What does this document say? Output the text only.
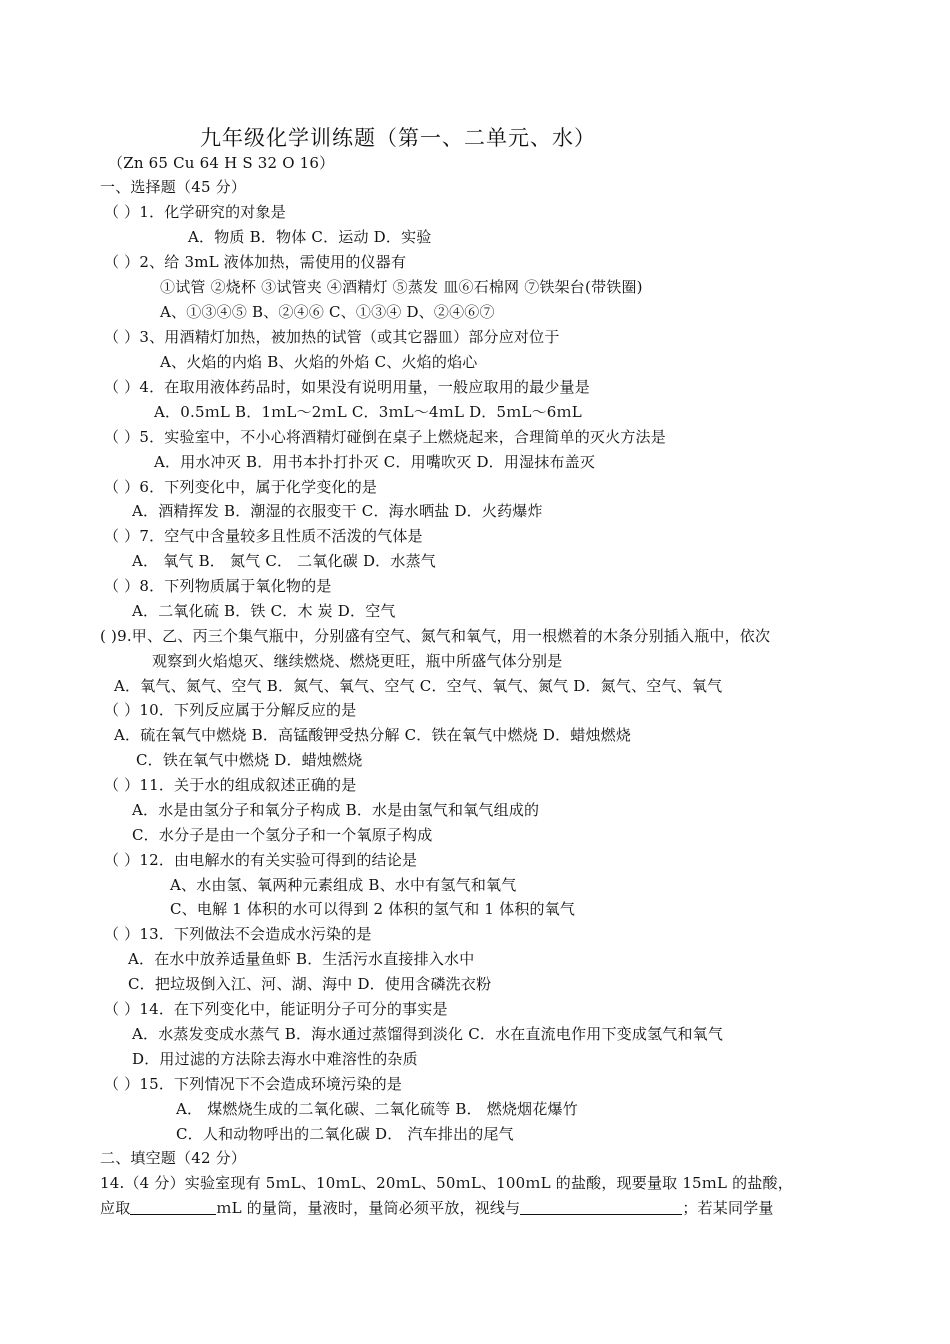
九年级化学训练题（第一、二单元、水）
（Zn 65 Cu 64 H S 32 O 16）
一、选择题（45 分）
（ ）1．化学研究的对象是
A．物质 B．物体 C．运动 D．实验
（ ）2、给 3mL 液体加热，需使用的仪器有
①试管 ②烧杯 ③试管夹 ④酒精灯 ⑤蒸发 皿⑥石棉网 ⑦铁架台(带铁圈)
A、①③④⑤ B、②④⑥ C、①③④ D、②④⑥⑦
（ ）3、用酒精灯加热，被加热的试管（或其它器皿）部分应对位于
A、火焰的内焰 B、火焰的外焰 C、火焰的焰心
（ ）4．在取用液体药品时，如果没有说明用量，一般应取用的最少量是
A．0.5ｍL B．1ｍL～2ｍL C．3ｍL～4ｍL D．5ｍL～6ｍL
（ ）5．实验室中，不小心将酒精灯碰倒在桌子上燃烧起来，合理简单的灭火方法是
A．用水冲灭 B．用书本扑打扑灭 C．用嘴吹灭 D．用湿抹布盖灭
（ ）6．下列变化中，属于化学变化的是
A．酒精挥发 B．潮湿的衣服变干 C．海水晒盐 D．火药爆炸
（ ）7．空气中含量较多且性质不活泼的气体是
A． 氧气 B． 氮气 C． 二氧化碳 D．水蒸气
（ ）8．下列物质属于氧化物的是
A．二氧化硫 B．铁 C．木 炭 D．空气
( )9.甲、乙、丙三个集气瓶中，分别盛有空气、氮气和氧气，用一根燃着的木条分别插入瓶中，依次
观察到火焰熄灭、继续燃烧、燃烧更旺，瓶中所盛气体分别是
A．氧气、氮气、空气 B．氮气、氧气、空气 C．空气、氧气、氮气 D．氮气、空气、氧气
（ ）10．下列反应属于分解反应的是
A．硫在氧气中燃烧 B．高锰酸钾受热分解 C．铁在氧气中燃烧 D．蜡烛燃烧
C．铁在氧气中燃烧 D．蜡烛燃烧
（ ）11．关于水的组成叙述正确的是
A．水是由氢分子和氧分子构成 B．水是由氢气和氧气组成的
C．水分子是由一个氢分子和一个氧原子构成
（ ）12．由电解水的有关实验可得到的结论是
A、水由氢、氧两种元素组成 B、水中有氢气和氧气
C、电解 1 体积的水可以得到 2 体积的氢气和 1 体积的氧气
（ ）13．下列做法不会造成水污染的是
A．在水中放养适量鱼虾 B．生活污水直接排入水中
C．把垃圾倒入江、河、湖、海中 D．使用含磷洗衣粉
（ ）14．在下列变化中，能证明分子可分的事实是
A．水蒸发变成水蒸气 B．海水通过蒸馏得到淡化 C．水在直流电作用下变成氢气和氧气
D．用过滤的方法除去海水中难溶性的杂质
（ ）15．下列情况下不会造成环境污染的是
A． 煤燃烧生成的二氧化碳、二氧化硫等 B． 燃烧烟花爆竹
C．人和动物呼出的二氧化碳 D． 汽车排出的尾气
二、填空题（42 分）
14.（4 分）实验室现有 5ｍL、10ｍL、20ｍL、50ｍL、100ｍL 的盐酸，现要量取 15ｍL 的盐酸，
应取	ｍL 的量筒，量液时，量筒必须平放，视线与	；若某同学量
